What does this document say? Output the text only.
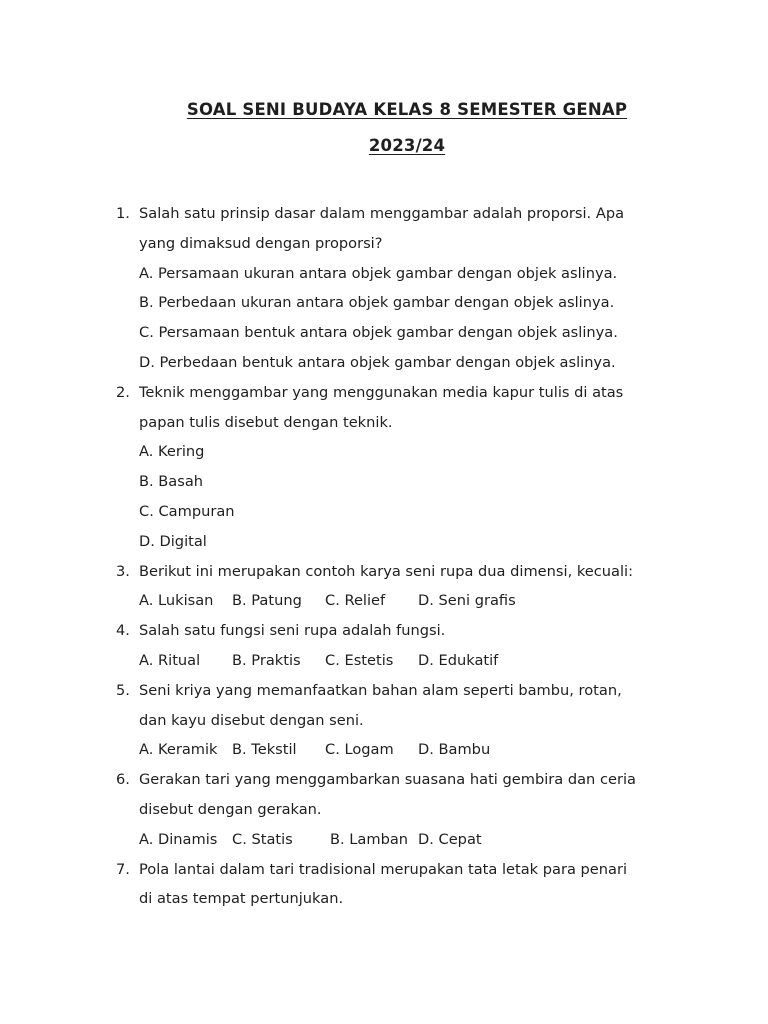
SOAL SENI BUDAYA KELAS 8 SEMESTER GENAP
2023/24
1. Salah satu prinsip dasar dalam menggambar adalah proporsi. Apa
yang dimaksud dengan proporsi?
A. Persamaan ukuran antara objek gambar dengan objek aslinya.
B. Perbedaan ukuran antara objek gambar dengan objek aslinya.
C. Persamaan bentuk antara objek gambar dengan objek aslinya.
D. Perbedaan bentuk antara objek gambar dengan objek aslinya.
2. Teknik menggambar yang menggunakan media kapur tulis di atas
papan tulis disebut dengan teknik.
A. Kering
B. Basah
C. Campuran
D. Digital
3. Berikut ini merupakan contoh karya seni rupa dua dimensi, kecuali:
A. Lukisan B. Patung C. Relief D. Seni grafis
4. Salah satu fungsi seni rupa adalah fungsi.
A. Ritual B. Praktis C. Estetis D. Edukatif
5. Seni kriya yang memanfaatkan bahan alam seperti bambu, rotan,
dan kayu disebut dengan seni.
A. Keramik B. Tekstil C. Logam D. Bambu
6. Gerakan tari yang menggambarkan suasana hati gembira dan ceria
disebut dengan gerakan.
A. Dinamis C. Statis	B. Lamban D. Cepat
7. Pola lantai dalam tari tradisional merupakan tata letak para penari
di atas tempat pertunjukan.
